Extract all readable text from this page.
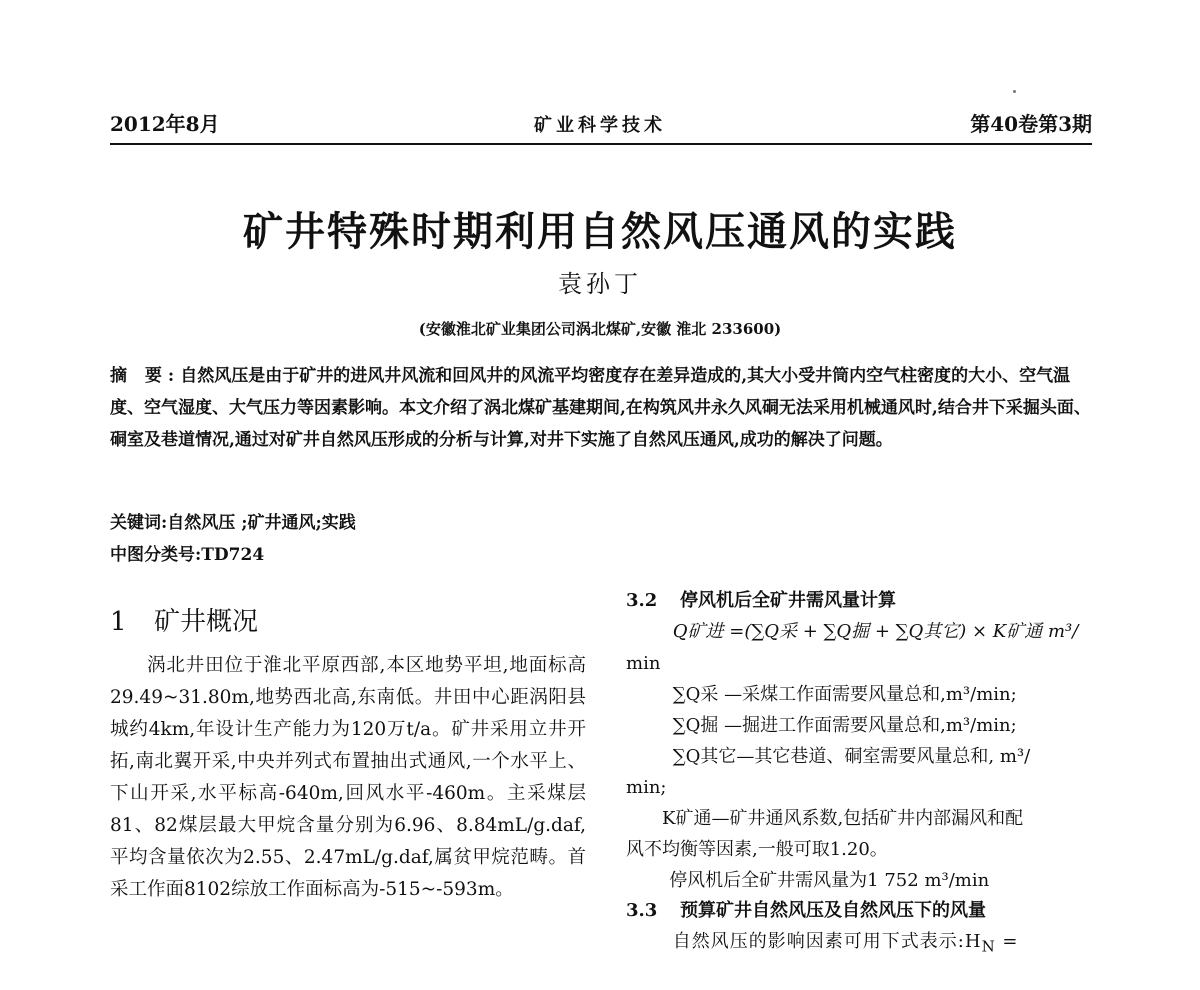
2012年8月	矿业科学技术	第40卷第3期
矿井特殊时期利用自然风压通风的实践
袁孙丁
(安徽淮北矿业集团公司涡北煤矿,安徽 淮北 233600)
摘 要:自然风压是由于矿井的进风井风流和回风井的风流平均密度存在差异造成的,其大小受井筒内空气柱密度的大小、空气温度、空气湿度、大气压力等因素影响。本文介绍了涡北煤矿基建期间,在构筑风井永久风硐无法采用机械通风时,结合井下采掘头面、硐室及巷道情况,通过对矿井自然风压形成的分析与计算,对井下实施了自然风压通风,成功的解决了问题。
关键词:自然风压 ;矿井通风;实践
中图分类号:TD724
1 矿井概况

涡北井田位于淮北平原西部,本区地势平坦,地面标高29.49~31.80m,地势西北高,东南低。井田中心距涡阳县城约4km,年设计生产能力为120万t/a。矿井采用立井开拓,南北翼开采,中央并列式布置抽出式通风,一个水平上、下山开采,水平标高-640m,回风水平-460m。主采煤层81、82煤层最大甲烷含量分别为6.96、8.84mL/g.daf,平均含量依次为2.55、2.47mL/g.daf,属贫甲烷范畴。首采工作面8102综放工作面标高为-515~-593m。

3.2 停风机后全矿井需风量计算
Q矿进 =(∑Q采 + ∑Q掘 + ∑Q其它) × K矿通 m³/

min

∑Q采 —采煤工作面需要风量总和,m³/min;

∑Q掘 —掘进工作面需要风量总和,m³/min;

∑Q其它—其它巷道、硐室需要风量总和, m³/

min;

K矿通—矿井通风系数,包括矿井内部漏风和配

风不均衡等因素,一般可取1.20。

停风机后全矿井需风量为1 752 m³/min

3.3 预算矿井自然风压及自然风压下的风量

自然风压的影响因素可用下式表示$:H_N$ =
